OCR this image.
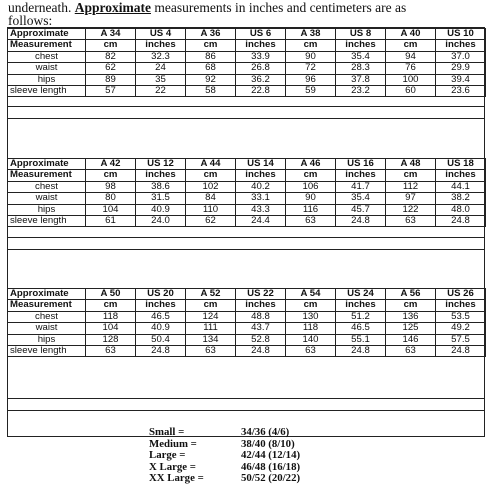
underneath. Approximate measurements in inches and centimeters are as
follows:
Approximate	A 34	US 4	A 36	US 6	A 38	US 8	A 40	US 10
Measurement	cm	inches	cm	inches	cm	inches	cm	inches
chest	82	32.3	86	33.9	90	35.4	94	37.0
waist	62	24	68	26.8	72	28.3	76	29.9
hips	89	35	92	36.2	96	37.8	100	39.4
sleeve length	57	22	58	22.8	59	23.2	60	23.6
Approximate	A 42	US 12	A 44	US 14	A 46	US 16	A 48	US 18
Measurement	cm	inches	cm	inches	cm	inches	cm	inches
chest	98	38.6	102	40.2	106	41.7	112	44.1
waist	80	31.5	84	33.1	90	35.4	97	38.2
hips	104	40.9	110	43.3	116	45.7	122	48.0
sleeve length	61	24.0	62	24.4	63	24.8	63	24.8
Approximate	A 50	US 20	A 52	US 22	A 54	US 24	A 56	US 26
Measurement	cm	inches	cm	inches	cm	inches	cm	inches
chest	118	46.5	124	48.8	130	51.2	136	53.5
waist	104	40.9	111	43.7	118	46.5	125	49.2
hips	128	50.4	134	52.8	140	55.1	146	57.5
sleeve length	63	24.8	63	24.8	63	24.8	63	24.8
Small =	34/36 (4/6)
Medium =	38/40 (8/10)
Large =	42/44 (12/14)
X Large =	46/48 (16/18)
XX Large =	50/52 (20/22)
